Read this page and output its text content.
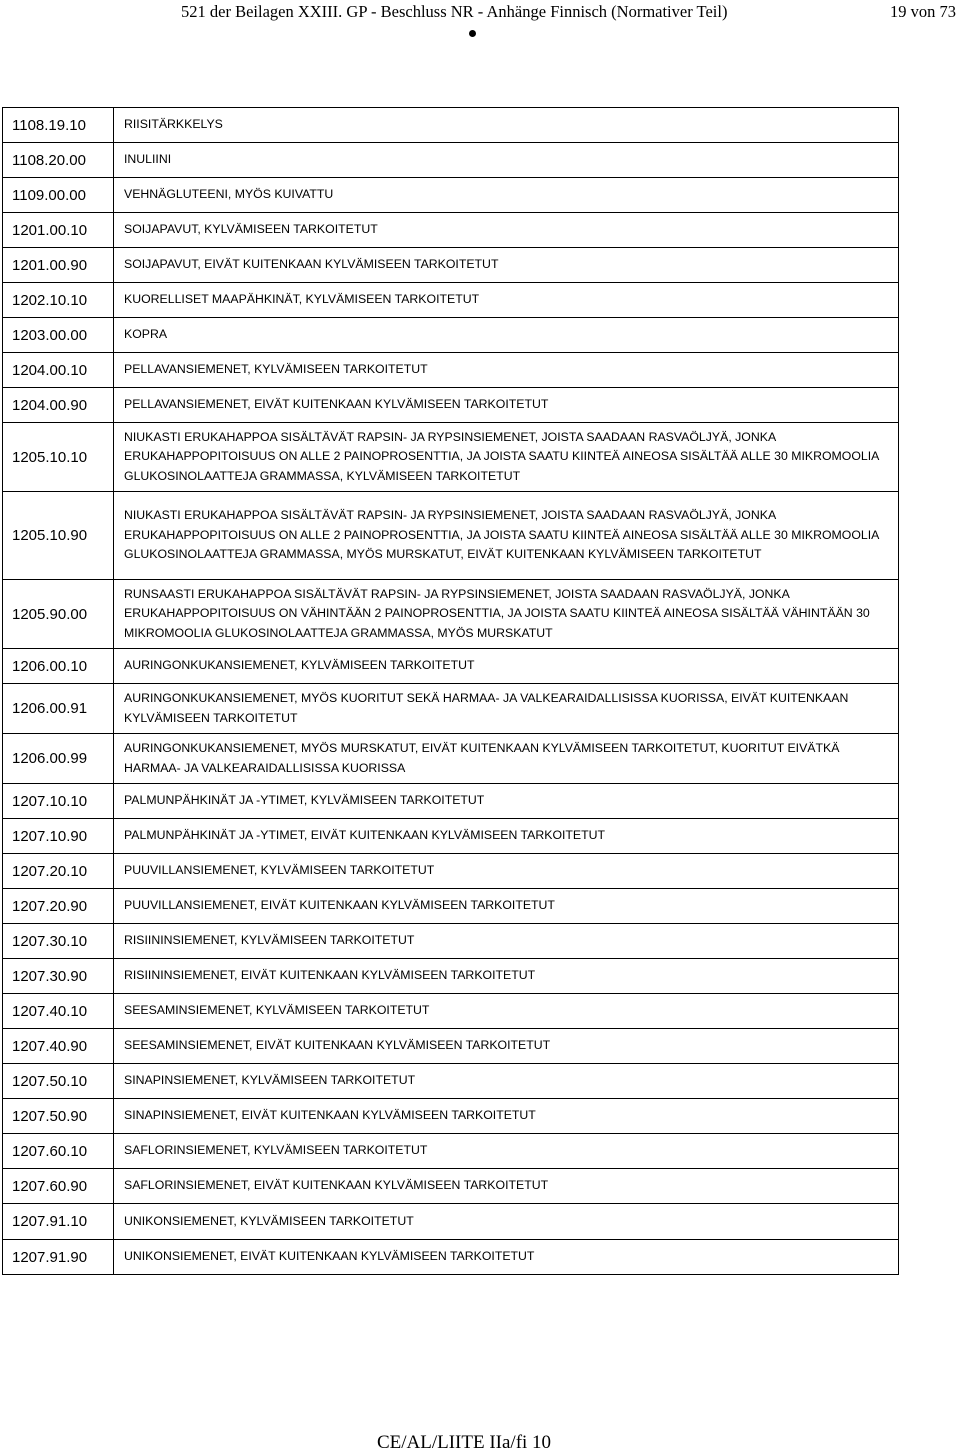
521 der Beilagen XXIII. GP - Beschluss NR - Anhänge Finnisch (Normativer Teil)	19 von 73
1108.19.10	RIISITÄRKKELYS
1108.20.00	INULIINI
1109.00.00	VEHNÄGLUTEENI, MYÖS KUIVATTU
1201.00.10	SOIJAPAVUT, KYLVÄMISEEN TARKOITETUT
1201.00.90	SOIJAPAVUT, EIVÄT KUITENKAAN KYLVÄMISEEN TARKOITETUT
1202.10.10	KUORELLISET MAAPÄHKINÄT, KYLVÄMISEEN TARKOITETUT
1203.00.00	KOPRA
1204.00.10	PELLAVANSIEMENET, KYLVÄMISEEN TARKOITETUT
1204.00.90	PELLAVANSIEMENET, EIVÄT KUITENKAAN KYLVÄMISEEN TARKOITETUT
1205.10.10	NIUKASTI ERUKAHAPPOA SISÄLTÄVÄT RAPSIN- JA RYPSINSIEMENET, JOISTA SAADAAN RASVAÖLJYÄ, JONKA ERUKAHAPPOPITOISUUS ON ALLE 2 PAINOPROSENTTIA, JA JOISTA SAATU KIINTEÄ AINEOSA SISÄLTÄÄ ALLE 30 MIKROMOOLIA GLUKOSINOLAATTEJA GRAMMASSA, KYLVÄMISEEN TARKOITETUT
1205.10.90	NIUKASTI ERUKAHAPPOA SISÄLTÄVÄT RAPSIN- JA RYPSINSIEMENET, JOISTA SAADAAN RASVAÖLJYÄ, JONKA ERUKAHAPPOPITOISUUS ON ALLE 2 PAINOPROSENTTIA, JA JOISTA SAATU KIINTEÄ AINEOSA SISÄLTÄÄ ALLE 30 MIKROMOOLIA GLUKOSINOLAATTEJA GRAMMASSA, MYÖS MURSKATUT, EIVÄT KUITENKAAN KYLVÄMISEEN TARKOITETUT
1205.90.00	RUNSAASTI ERUKAHAPPOA SISÄLTÄVÄT RAPSIN- JA RYPSINSIEMENET, JOISTA SAADAAN RASVAÖLJYÄ, JONKA ERUKAHAPPOPITOISUUS ON VÄHINTÄÄN 2 PAINOPROSENTTIA, JA JOISTA SAATU KIINTEÄ AINEOSA SISÄLTÄÄ VÄHINTÄÄN 30 MIKROMOOLIA GLUKOSINOLAATTEJA GRAMMASSA, MYÖS MURSKATUT
1206.00.10	AURINGONKUKANSIEMENET, KYLVÄMISEEN TARKOITETUT
1206.00.91	AURINGONKUKANSIEMENET, MYÖS KUORITUT SEKÄ HARMAA- JA VALKEARAIDALLISISSA KUORISSA, EIVÄT KUITENKAAN KYLVÄMISEEN TARKOITETUT
1206.00.99	AURINGONKUKANSIEMENET, MYÖS MURSKATUT, EIVÄT KUITENKAAN KYLVÄMISEEN TARKOITETUT, KUORITUT EIVÄTKÄ HARMAA- JA VALKEARAIDALLISISSA KUORISSA
1207.10.10	PALMUNPÄHKINÄT JA -YTIMET, KYLVÄMISEEN TARKOITETUT
1207.10.90	PALMUNPÄHKINÄT JA -YTIMET, EIVÄT KUITENKAAN KYLVÄMISEEN TARKOITETUT
1207.20.10	PUUVILLANSIEMENET, KYLVÄMISEEN TARKOITETUT
1207.20.90	PUUVILLANSIEMENET, EIVÄT KUITENKAAN KYLVÄMISEEN TARKOITETUT
1207.30.10	RISIININSIEMENET, KYLVÄMISEEN TARKOITETUT
1207.30.90	RISIININSIEMENET, EIVÄT KUITENKAAN KYLVÄMISEEN TARKOITETUT
1207.40.10	SEESAMINSIEMENET, KYLVÄMISEEN TARKOITETUT
1207.40.90	SEESAMINSIEMENET, EIVÄT KUITENKAAN KYLVÄMISEEN TARKOITETUT
1207.50.10	SINAPINSIEMENET, KYLVÄMISEEN TARKOITETUT
1207.50.90	SINAPINSIEMENET, EIVÄT KUITENKAAN KYLVÄMISEEN TARKOITETUT
1207.60.10	SAFLORINSIEMENET, KYLVÄMISEEN TARKOITETUT
1207.60.90	SAFLORINSIEMENET, EIVÄT KUITENKAAN KYLVÄMISEEN TARKOITETUT
1207.91.10	UNIKONSIEMENET, KYLVÄMISEEN TARKOITETUT
1207.91.90	UNIKONSIEMENET, EIVÄT KUITENKAAN KYLVÄMISEEN TARKOITETUT
CE/AL/LIITE IIa/fi 10
